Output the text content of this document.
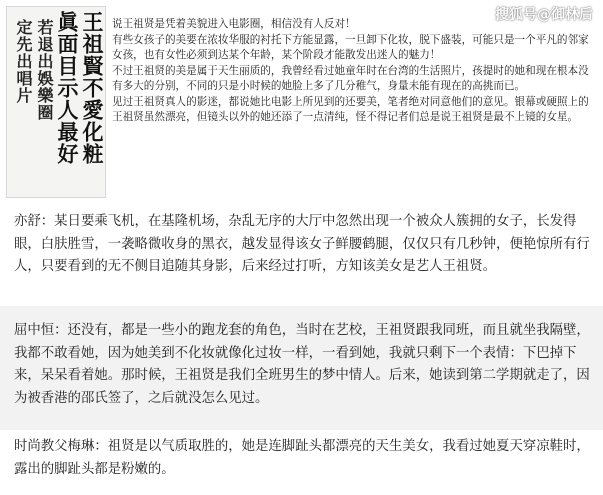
王祖賢不愛化粧
眞面目示人最好
若退出娛樂圈
定先出唱片
搜狐号@御林后

说王祖贤是凭着美貌进入电影圈，相信没有人反对！

有些女孩子的美要在浓妆华服的衬托下方能显露，一旦卸下化妆，脱下盛装，可能只是一个平凡的邻家女孩，也有女性必须到达某个年龄，某个阶段才能散发出迷人的魅力！

不过王祖贤的美是属于天生丽质的，我曾经看过她童年时在台湾的生活照片，孩提时的她和现在根本没有多大的分别，不同的只是小时候的她脸上多了几分稚气，身量未能有现在的高挑而已。

见过王祖贤真人的影迷，都说她比电影上所见到的还要美，笔者绝对同意他们的意见。银幕或硬照上的王祖贤虽然漂亮，但镜头以外的她还添了一点清纯，怪不得记者们总是说王祖贤是最不上镜的女星。

亦舒：某日要乘飞机，在基隆机场，杂乱无序的大厅中忽然出现一个被众人簇拥的女子，长发得眼，白肤胜雪，一袭略微收身的黑衣，越发显得该女子鲜腰鹤腿，仅仅只有几秒钟，便艳惊所有行人，只要看到的无不侧目追随其身影，后来经过打听，方知该美女是艺人王祖贤。
屈中恒：还没有，都是一些小的跑龙套的角色，当时在艺校，王祖贤跟我同班，而且就坐我隔壁，我都不敢看她，因为她美到不化妆就像化过妆一样，一看到她，我就只剩下一个表情：下巴掉下来，呆呆看着她。那时候，王祖贤是我们全班男生的梦中情人。后来，她读到第二学期就走了，因为被香港的邵氏签了，之后就没怎么见过。
时尚教父梅琳：祖贤是以气质取胜的，她是连脚趾头都漂亮的天生美女，我看过她夏天穿凉鞋时，露出的脚趾头都是粉嫩的。
